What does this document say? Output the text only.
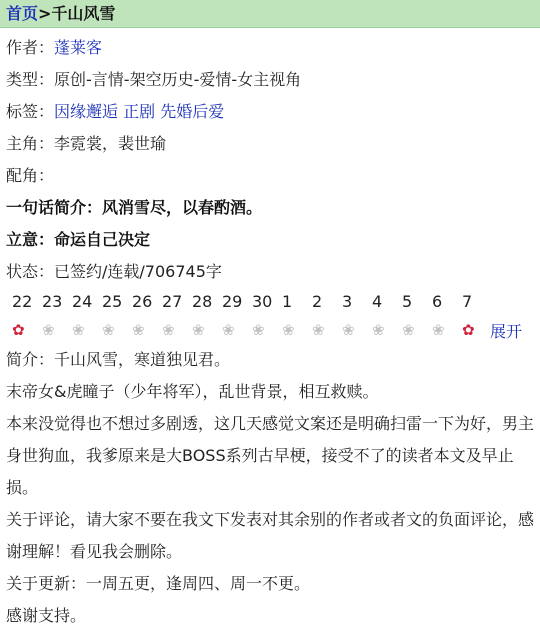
首页>千山风雪
作者：蓬莱客
类型：原创-言情-架空历史-爱情-女主视角
标签：因缘邂逅 正剧 先婚后爱
主角：李霓裳，裴世瑜
配角：
一句话简介：风消雪尽，以春酌酒。
立意：命运自己决定
状态：已签约/连载/706745字
22 23 24 25 26 27 28 29 30 1	2	3	4	5	6	7
✿	❀	❀	❀	❀	❀	❀	❀	❀	❀	❀	❀	❀	❀	❀	✿ 展开
简介：千山风雪，寒道独见君。

末帝女&虎瞳子（少年将军），乱世背景，相互救赎。

本来没觉得也不想过多剧透，这几天感觉文案还是明确扫雷一下为好，男主身世狗血，我爹原来是大BOSS系列古早梗，接受不了的读者本文及早止损。

关于评论，请大家不要在我文下发表对其余别的作者或者文的负面评论，感谢理解！看见我会删除。

关于更新：一周五更，逢周四、周一不更。

感谢支持。
